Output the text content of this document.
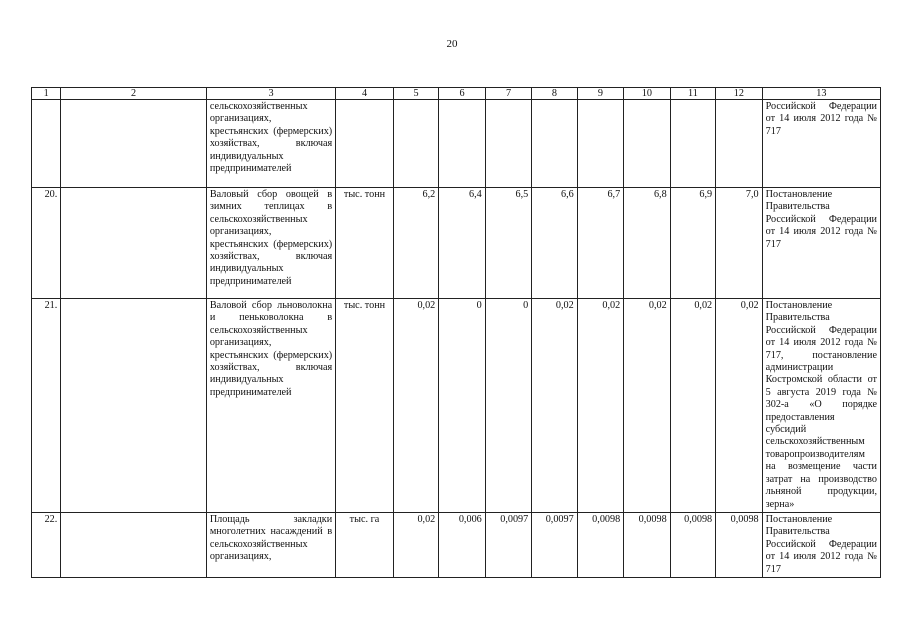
20
1	2	3	4	5	6	7	8	9	10	11	12	13
		сельскохозяйственных организациях, крестьянских (фермерских) хозяйствах, включая индивидуальных предпринимателей										Российской Федерации от 14 июля 2012 года № 717
20.		Валовый сбор овощей в зимних теплицах в сельскохозяйственных организациях, крестьянских (фермерских) хозяйствах, включая индивидуальных предпринимателей	тыс. тонн	6,2	6,4	6,5	6,6	6,7	6,8	6,9	7,0	Постановление Правительства Российской Федерации от 14 июля 2012 года № 717
21.		Валовой сбор льноволокна и пеньковолокна в сельскохозяйственных организациях, крестьянских (фермерских) хозяйствах, включая индивидуальных предпринимателей	тыс. тонн	0,02	0	0	0,02	0,02	0,02	0,02	0,02	Постановление Правительства Российской Федерации от 14 июля 2012 года № 717, постановление администрации Костромской области от 5 августа 2019 года № 302-а «О порядке предоставления субсидий сельскохозяйственным товаропроизводителям на возмещение части затрат на производство льняной продукции, зерна»
22.		Площадь закладки многолетних насаждений в сельскохозяйственных организациях,	тыс. га	0,02	0,006	0,0097	0,0097	0,0098	0,0098	0,0098	0,0098	Постановление Правительства Российской Федерации от 14 июля 2012 года № 717
